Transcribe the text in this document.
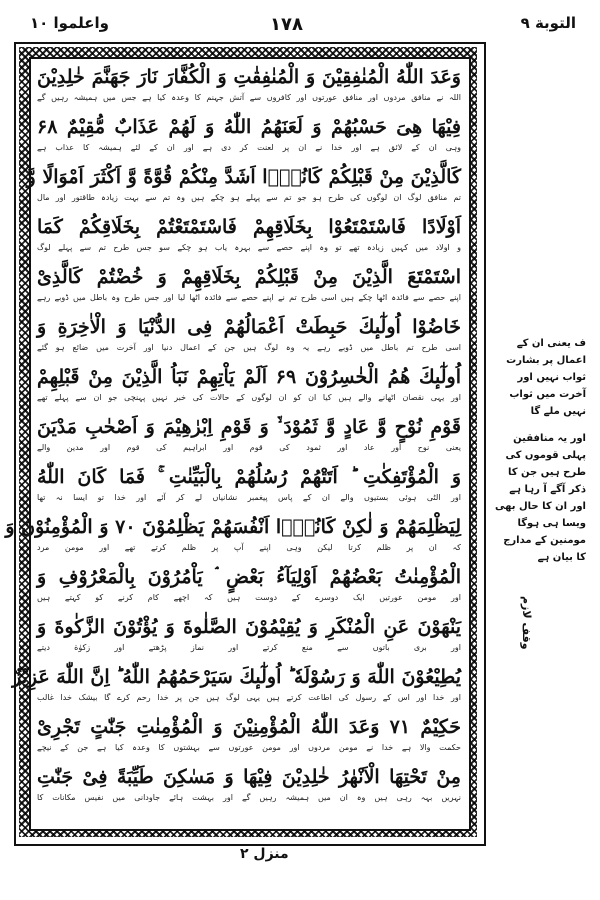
التوبة ٩
١٧٨
واعلموا ١٠
وَعَدَ اللّٰهُ الْمُنٰفِقِیْنَ وَ الْمُنٰفِقٰتِ وَ الْكُفَّارَ نَارَ جَهَنَّمَ خٰلِدِیْنَ
اللہ نے منافق مردوں اور منافق عورتوں اور کافروں سے آتش جہنم کا وعدہ کیا ہے جس میں ہمیشہ رہیں گے
فِیْهَا هِیَ حَسْبُهُمْ وَ لَعَنَهُمُ اللّٰهُ وَ لَهُمْ عَذَابٌ مُّقِیْمٌ ۶۸
وہی ان کے لائق ہے اور خدا نے ان پر لعنت کر دی ہے اور ان کے لئے ہمیشہ کا عذاب ہے
كَالَّذِیْنَ مِنْ قَبْلِكُمْ كَانُوْۤا اَشَدَّ مِنْكُمْ قُوَّةً وَّ اَكْثَرَ اَمْوَالًا وَّ
تم منافق لوگ ان لوگوں کی طرح ہو جو تم سے پہلے ہو چکے ہیں وہ تم سے بہت زیادہ طاقتور اور مال
اَوْلَادًا فَاسْتَمْتَعُوْا بِخَلَاقِهِمْ فَاسْتَمْتَعْتُمْ بِخَلَاقِكُمْ كَمَا
و اولاد میں کہیں زیادہ تھے تو وہ اپنے حصے سے بہرہ یاب ہو چکے سو جس طرح تم سے پہلے لوگ
اسْتَمْتَعَ الَّذِیْنَ مِنْ قَبْلِكُمْ بِخَلَاقِهِمْ وَ خُضْتُمْ كَالَّذِیْ
اپنے حصے سے فائدہ اٹھا چکے ہیں اسی طرح تم نے اپنے حصے سے فائدہ اٹھا لیا اور جس طرح وہ باطل میں ڈوبے رہے
خَاضُوْا اُولٰٓىٕكَ حَبِطَتْ اَعْمَالُهُمْ فِی الدُّنْیَا وَ الْاٰخِرَةِ وَ
اسی طرح تم باطل میں ڈوبے رہے یہ وہ لوگ ہیں جن کے اعمال دنیا اور آخرت میں ضائع ہو گئے
اُولٰٓىٕكَ هُمُ الْخٰسِرُوْنَ ۶۹ اَلَمْ یَاْتِهِمْ نَبَاُ الَّذِیْنَ مِنْ قَبْلِهِمْ
اور یہی نقصان اٹھانے والے ہیں کیا ان کو ان لوگوں کے حالات کی خبر نہیں پہنچی جو ان سے پہلے تھے
قَوْمِ نُوْحٍ وَّ عَادٍ وَّ ثَمُوْدَ ۙ۬ وَ قَوْمِ اِبْرٰهِیْمَ وَ اَصْحٰبِ مَدْیَنَ
یعنی نوح اور عاد اور ثمود کی قوم اور ابراہیم کی قوم اور مدین والے
وَ الْمُؤْتَفِكٰتِ ؕ اَتَتْهُمْ رُسُلُهُمْ بِالْبَیِّنٰتِ ۚ فَمَا كَانَ اللّٰهُ
اور الٹی ہوئی بستیوں والے ان کے پاس پیغمبر نشانیاں لے کر آئے اور خدا تو ایسا نہ تھا
لِیَظْلِمَهُمْ وَ لٰكِنْ كَانُوْۤا اَنْفُسَهُمْ یَظْلِمُوْنَ ۷۰ وَ الْمُؤْمِنُوْنَ وَ
کہ ان پر ظلم کرتا لیکن وہی اپنے آپ پر ظلم کرتے تھے اور مومن مرد
الْمُؤْمِنٰتُ بَعْضُهُمْ اَوْلِیَآءُ بَعْضٍ ۘ یَاْمُرُوْنَ بِالْمَعْرُوْفِ وَ
اور مومن عورتیں ایک دوسرے کے دوست ہیں کہ اچھے کام کرنے کو کہتے ہیں
یَنْهَوْنَ عَنِ الْمُنْكَرِ وَ یُقِیْمُوْنَ الصَّلٰوةَ وَ یُؤْتُوْنَ الزَّكٰوةَ وَ
اور بری باتوں سے منع کرتے اور نماز پڑھتے اور زکوٰة دیتے
یُطِیْعُوْنَ اللّٰهَ وَ رَسُوْلَهٗ ؕ اُولٰٓىٕكَ سَیَرْحَمُهُمُ اللّٰهُ ؕ اِنَّ اللّٰهَ عَزِیْزٌ
اور خدا اور اس کے رسول کی اطاعت کرتے ہیں یہی لوگ ہیں جن پر خدا رحم کرے گا بیشک خدا غالب
حَكِیْمٌ ۷۱ وَعَدَ اللّٰهُ الْمُؤْمِنِیْنَ وَ الْمُؤْمِنٰتِ جَنّٰتٍ تَجْرِیْ
حکمت والا ہے خدا نے مومن مردوں اور مومن عورتوں سے بہشتوں کا وعدہ کیا ہے جن کے نیچے
مِنْ تَحْتِهَا الْاَنْهٰرُ خٰلِدِیْنَ فِیْهَا وَ مَسٰكِنَ طَیِّبَةً فِیْ جَنّٰتِ
نہریں بہہ رہی ہیں وہ ان میں ہمیشہ رہیں گے اور بہشت ہائے جاودانی میں نفیس مکانات کا
ف یعنی ان کے اعمال پر بشارت ثواب نہیں اور آخرت میں ثواب نہیں ملے گا
اور یہ منافقین پہلی قوموں کی طرح ہیں جن کا ذکر آگے آ رہا ہے اور ان کا حال بھی ویسا ہی ہوگا مومنین کے مدارج کا بیان ہے
وقف لازم
منزل ۲
